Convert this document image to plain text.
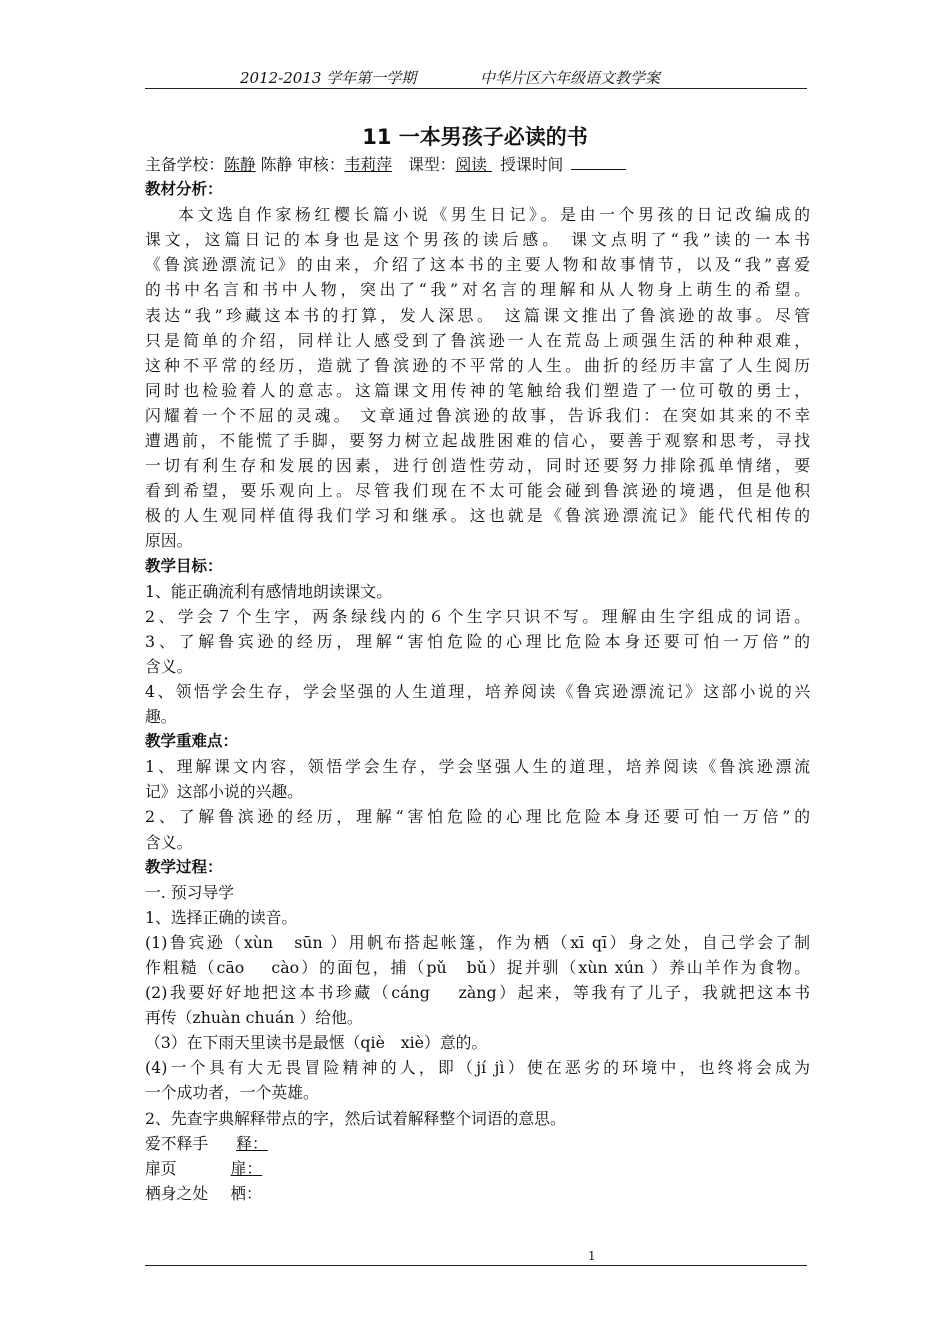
2012-2013 学年第一学期	中华片区六年级语文教学案
11 一本男孩子必读的书
主备学校：陈静 陈静 审核：韦莉萍 课型：阅读 授课时间
教材分析：
本文选自作家杨红樱长篇小说《男生日记》。是由一个男孩的日记改编成的
课文，这篇日记的本身也是这个男孩的读后感。 课文点明了“我”读的一本书
《鲁滨逊漂流记》的由来，介绍了这本书的主要人物和故事情节，以及“我”喜爱
的书中名言和书中人物，突出了“我”对名言的理解和从人物身上萌生的希望。
表达“我”珍藏这本书的打算，发人深思。 这篇课文推出了鲁滨逊的故事。尽管
只是简单的介绍，同样让人感受到了鲁滨逊一人在荒岛上顽强生活的种种艰难，
这种不平常的经历，造就了鲁滨逊的不平常的人生。曲折的经历丰富了人生阅历
同时也检验着人的意志。这篇课文用传神的笔触给我们塑造了一位可敬的勇士，
闪耀着一个不屈的灵魂。 文章通过鲁滨逊的故事，告诉我们：在突如其来的不幸
遭遇前，不能慌了手脚，要努力树立起战胜困难的信心，要善于观察和思考，寻找
一切有利生存和发展的因素，进行创造性劳动，同时还要努力排除孤单情绪，要
看到希望，要乐观向上。尽管我们现在不太可能会碰到鲁滨逊的境遇，但是他积
极的人生观同样值得我们学习和继承。这也就是《鲁滨逊漂流记》能代代相传的
原因。
教学目标：
1、能正确流利有感情地朗读课文。
2、学会７个生字，两条绿线内的６个生字只识不写。理解由生字组成的词语。
3、了解鲁宾逊的经历，理解“害怕危险的心理比危险本身还要可怕一万倍”的
含义。
4、领悟学会生存，学会坚强的人生道理，培养阅读《鲁宾逊漂流记》这部小说的兴
趣。
教学重难点：
1、理解课文内容，领悟学会生存，学会坚强人生的道理，培养阅读《鲁滨逊漂流
记》这部小说的兴趣。
2、了解鲁滨逊的经历，理解“害怕危险的心理比危险本身还要可怕一万倍”的
含义。
教学过程：
一. 预习导学
1、选择正确的读音。
(1)鲁宾逊（xùn　sūn ）用帆布搭起帐篷，作为栖（xī qī）身之处，自己学会了制
作粗糙（cāo　 cào）的面包，捕（pǔ　bǔ）捉并驯（xùn xún ）养山羊作为食物。
(2)我要好好地把这本书珍藏（cáng　 zàng）起来，等我有了儿子，我就把这本书
再传（zhuàn chuán ）给他。
（3）在下雨天里读书是最惬（qiè　xiè）意的。
(4)一个具有大无畏冒险精神的人，即（jí jì）使在恶劣的环境中，也终将会成为
一个成功者，一个英雄。
2、先查字典解释带点的字，然后试着解释整个词语的意思。
爱不释手 释：
扉页	扉：
栖身之处 栖：
1
